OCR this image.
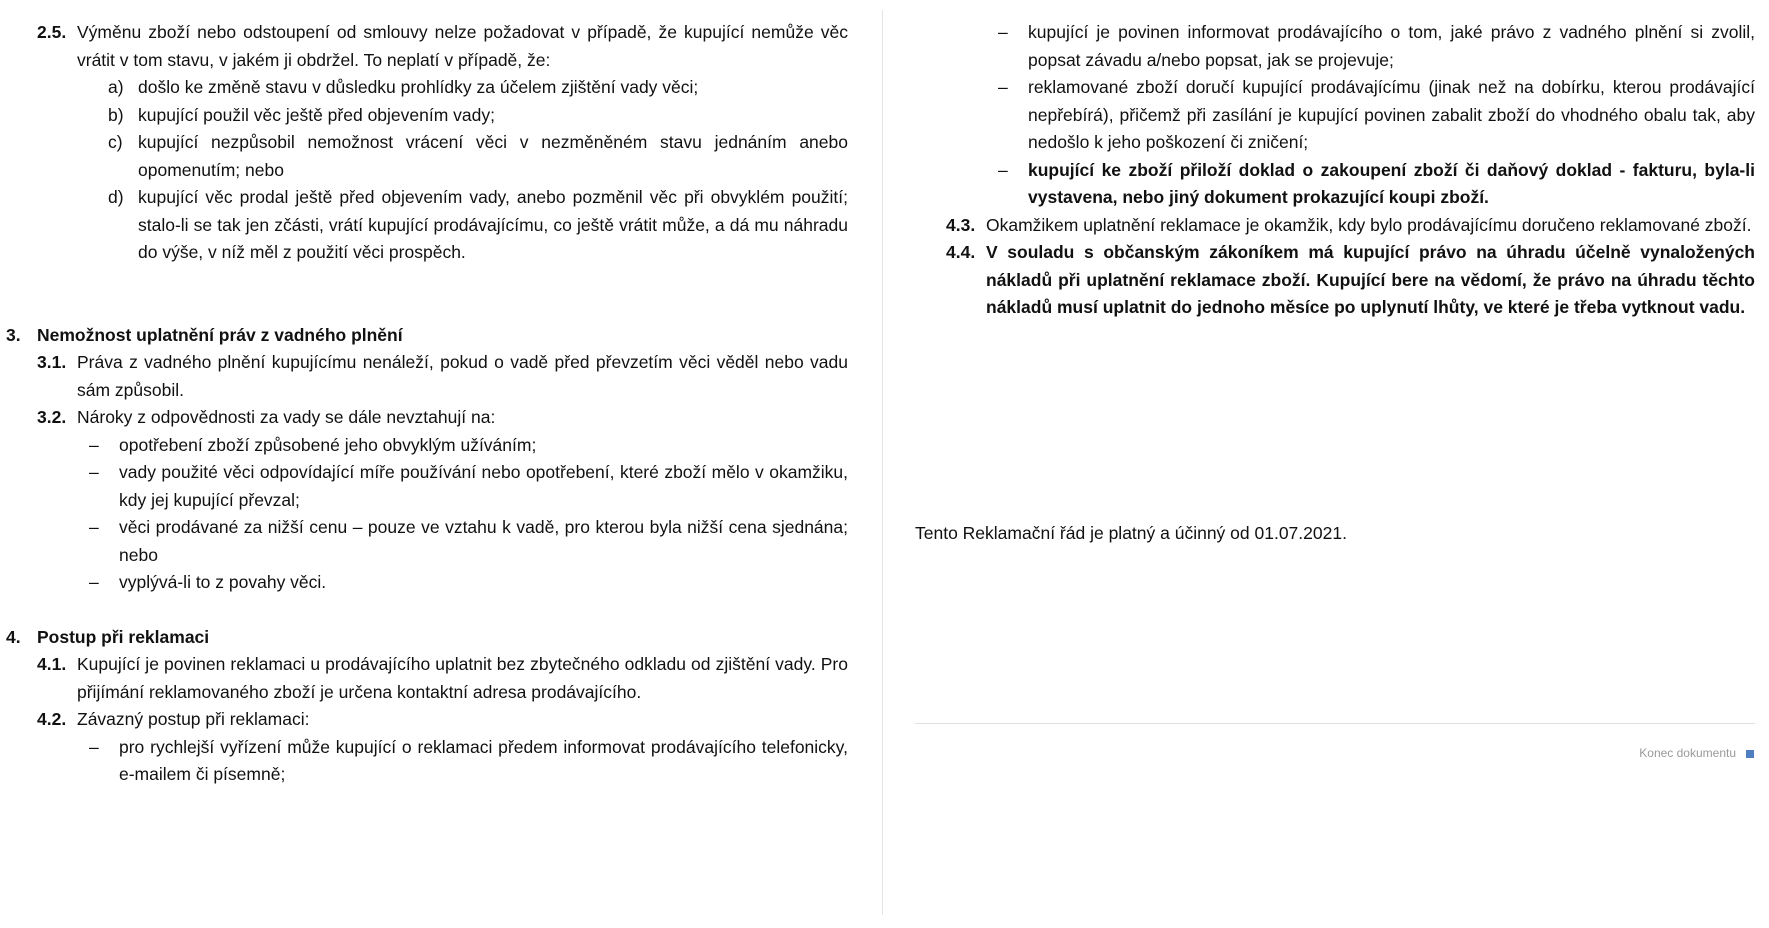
2.5. Výměnu zboží nebo odstoupení od smlouvy nelze požadovat v případě, že kupující nemůže věc vrátit v tom stavu, v jakém ji obdržel. To neplatí v případě, že:
a) došlo ke změně stavu v důsledku prohlídky za účelem zjištění vady věci;
b) kupující použil věc ještě před objevením vady;
c) kupující nezpůsobil nemožnost vrácení věci v nezměněném stavu jednáním anebo opomenutím; nebo
d) kupující věc prodal ještě před objevením vady, anebo pozměnil věc při obvyklém použití; stalo-li se tak jen zčásti, vrátí kupující prodávajícímu, co ještě vrátit může, a dá mu náhradu do výše, v níž měl z použití věci prospěch.
3. Nemožnost uplatnění práv z vadného plnění
3.1. Práva z vadného plnění kupujícímu nenáleží, pokud o vadě před převzetím věci věděl nebo vadu sám způsobil.
3.2. Nároky z odpovědnosti za vady se dále nevztahují na:
–	opotřebení zboží způsobené jeho obvyklým užíváním;
–	vady použité věci odpovídající míře používání nebo opotřebení, které zboží mělo v okamžiku, kdy jej kupující převzal;
–	věci prodávané za nižší cenu – pouze ve vztahu k vadě, pro kterou byla nižší cena sjednána; nebo
–	vyplývá-li to z povahy věci.
4. Postup při reklamaci
4.1. Kupující je povinen reklamaci u prodávajícího uplatnit bez zbytečného odkladu od zjištění vady. Pro přijímání reklamovaného zboží je určena kontaktní adresa prodávajícího.
4.2. Závazný postup při reklamaci:
–	pro rychlejší vyřízení může kupující o reklamaci předem informovat prodávajícího telefonicky, e-mailem či písemně;
–	kupující je povinen informovat prodávajícího o tom, jaké právo z vadného plnění si zvolil, popsat závadu a/nebo popsat, jak se projevuje;
–	reklamované zboží doručí kupující prodávajícímu (jinak než na dobírku, kterou prodávající nepřebírá), přičemž při zasílání je kupující povinen zabalit zboží do vhodného obalu tak, aby nedošlo k jeho poškození či zničení;
–	kupující ke zboží přiloží doklad o zakoupení zboží či daňový doklad - fakturu, byla-li vystavena, nebo jiný dokument prokazující koupi zboží.
4.3. Okamžikem uplatnění reklamace je okamžik, kdy bylo prodávajícímu doručeno reklamované zboží.
4.4. V souladu s občanským zákoníkem má kupující právo na úhradu účelně vynaložených nákladů při uplatnění reklamace zboží. Kupující bere na vědomí, že právo na úhradu těchto nákladů musí uplatnit do jednoho měsíce po uplynutí lhůty, ve které je třeba vytknout vadu.
Tento Reklamační řád je platný a účinný od 01.07.2021.
Konec dokumentu
